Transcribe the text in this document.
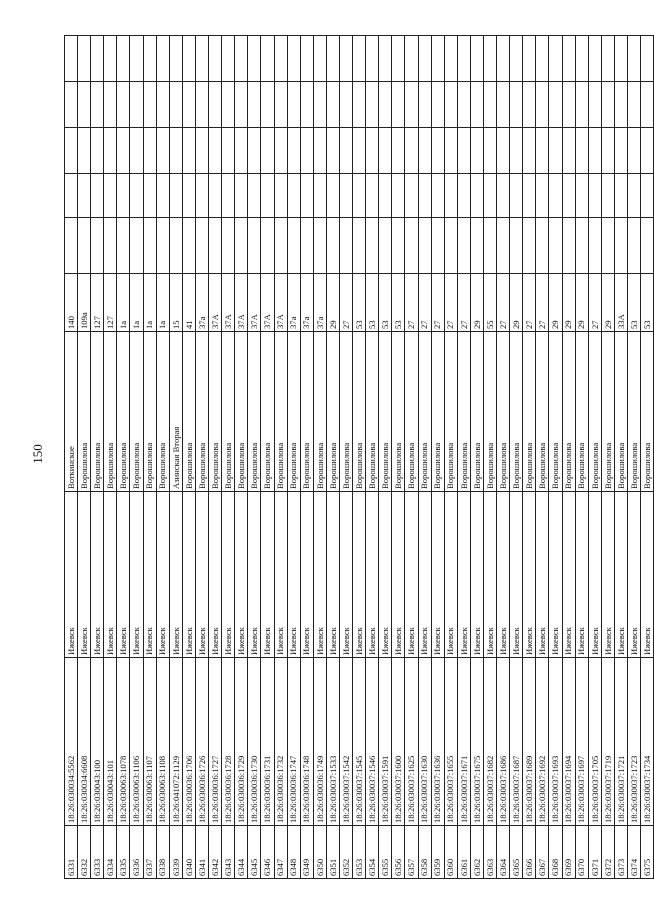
150
6331	18:26:030034:5562	Ижевск	Воткинское	140					
6332	18:26:030034:6608	Ижевск	Ворошилова	109а					
6333	18:26:030043:100	Ижевск	Ворошилова	127					
6334	18:26:030043:101	Ижевск	Ворошилова	127					
6335	18:26:030063:1078	Ижевск	Ворошилова	1а					
6336	18:26:030063:1106	Ижевск	Ворошилова	1а					
6337	18:26:030063:1107	Ижевск	Ворошилова	1а					
6338	18:26:030063:1108	Ижевск	Ворошилова	1а					
6339	18:26:041072:1129	Ижевск	Азинская Вторая	15					
6340	18:26:030036:1706	Ижевск	Ворошилова	41					
6341	18:26:030036:1726	Ижевск	Ворошилова	37а					
6342	18:26:030036:1727	Ижевск	Ворошилова	37А					
6343	18:26:030036:1728	Ижевск	Ворошилова	37А					
6344	18:26:030036:1729	Ижевск	Ворошилова	37А					
6345	18:26:030036:1730	Ижевск	Ворошилова	37А					
6346	18:26:030036:1731	Ижевск	Ворошилова	37А					
6347	18:26:030036:1732	Ижевск	Ворошилова	37А					
6348	18:26:030036:1747	Ижевск	Ворошилова	37а					
6349	18:26:030036:1748	Ижевск	Ворошилова	37а					
6350	18:26:030036:1749	Ижевск	Ворошилова	37а					
6351	18:26:030037:1533	Ижевск	Ворошилова	29					
6352	18:26:030037:1542	Ижевск	Ворошилова	27					
6353	18:26:030037:1545	Ижевск	Ворошилова	53					
6354	18:26:030037:1546	Ижевск	Ворошилова	53					
6355	18:26:030037:1591	Ижевск	Ворошилова	53					
6356	18:26:030037:1600	Ижевск	Ворошилова	53					
6357	18:26:030037:1625	Ижевск	Ворошилова	27					
6358	18:26:030037:1630	Ижевск	Ворошилова	27					
6359	18:26:030037:1636	Ижевск	Ворошилова	27					
6360	18:26:030037:1655	Ижевск	Ворошилова	27					
6361	18:26:030037:1671	Ижевск	Ворошилова	27					
6362	18:26:030037:1675	Ижевск	Ворошилова	29					
6363	18:26:030037:1682	Ижевск	Ворошилова	55					
6364	18:26:030037:1686	Ижевск	Ворошилова	27					
6365	18:26:030037:1687	Ижевск	Ворошилова	29					
6366	18:26:030037:1689	Ижевск	Ворошилова	27					
6367	18:26:030037:1692	Ижевск	Ворошилова	27					
6368	18:26:030037:1693	Ижевск	Ворошилова	29					
6369	18:26:030037:1694	Ижевск	Ворошилова	29					
6370	18:26:030037:1697	Ижевск	Ворошилова	29					
6371	18:26:030037:1705	Ижевск	Ворошилова	27					
6372	18:26:030037:1719	Ижевск	Ворошилова	29					
6373	18:26:030037:1721	Ижевск	Ворошилова	33А					
6374	18:26:030037:1723	Ижевск	Ворошилова	53					
6375	18:26:030037:1734	Ижевск	Ворошилова	53					
